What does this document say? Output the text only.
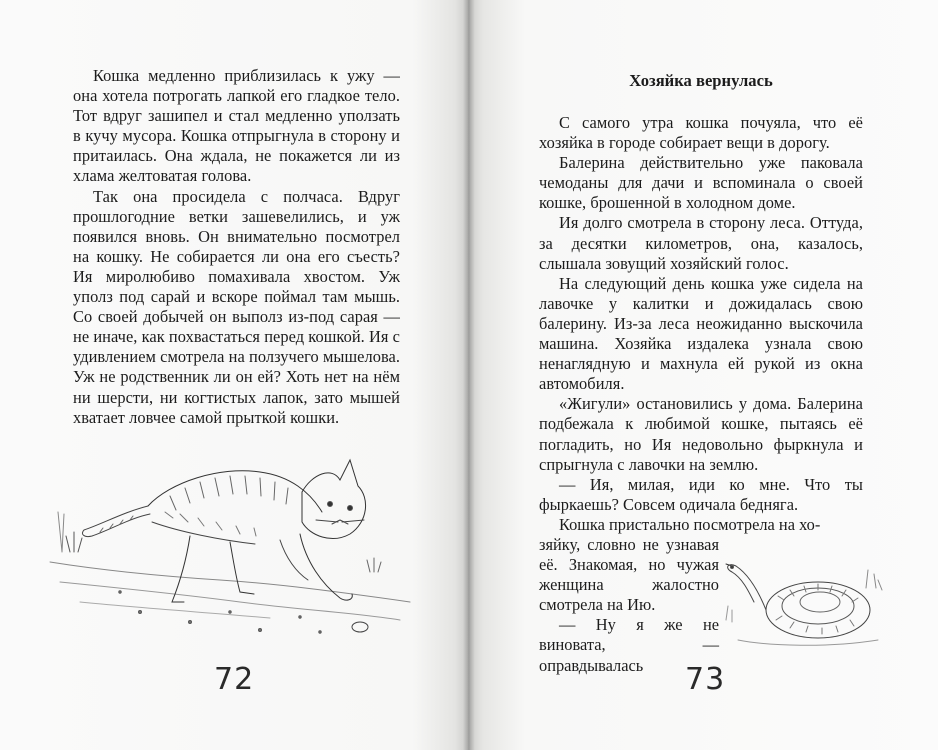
Кошка медленно приблизилась к ужу — она хотела потрогать лапкой его гладкое тело. Тот вдруг зашипел и стал медленно уползать в кучу мусора. Кошка отпрыгнула в сторону и притаилась. Она ждала, не покажется ли из хлама желтоватая голова.

Так она просидела с полчаса. Вдруг прошлогодние ветки зашевелились, и уж появился вновь. Он внимательно посмотрел на кошку. Не собирается ли она его съесть? Ия миролюбиво помахивала хвостом. Уж уполз под сарай и вскоре поймал там мышь. Со своей добычей он выполз из-под сарая — не иначе, как похвастаться перед кошкой. Ия с удивлением смотрела на ползучего мышелова. Уж не родственник ли он ей? Хоть нет на нём ни шерсти, ни когтистых лапок, зато мышей хватает ловчее самой прыткой кошки.

72
Хозяйка вернулась

С самого утра кошка почуяла, что её хозяйка в городе собирает вещи в дорогу.

Балерина действительно уже паковала чемоданы для дачи и вспоминала о своей кошке, брошенной в холодном доме.

Ия долго смотрела в сторону леса. Оттуда, за десятки километров, она, казалось, слышала зовущий хозяйский голос.

На следующий день кошка уже сидела на лавочке у калитки и дожидалась свою балерину. Из-за леса неожиданно выскочила машина. Хозяйка издалека узнала свою ненаглядную и махнула ей рукой из окна автомобиля.

«Жигули» остановились у дома. Балерина подбежала к любимой кошке, пытаясь её погладить, но Ия недовольно фыркнула и спрыгнула с лавочки на землю.

— Ия, милая, иди ко мне. Что ты фыркаешь? Совсем одичала бедняга.

Кошка пристально посмотрела на хо-

зяйку, словно не узнавая её. Знакомая, но чужая женщина жалостно смотрела на Ию.

— Ну я же не виновата, — оправдывалась	73
